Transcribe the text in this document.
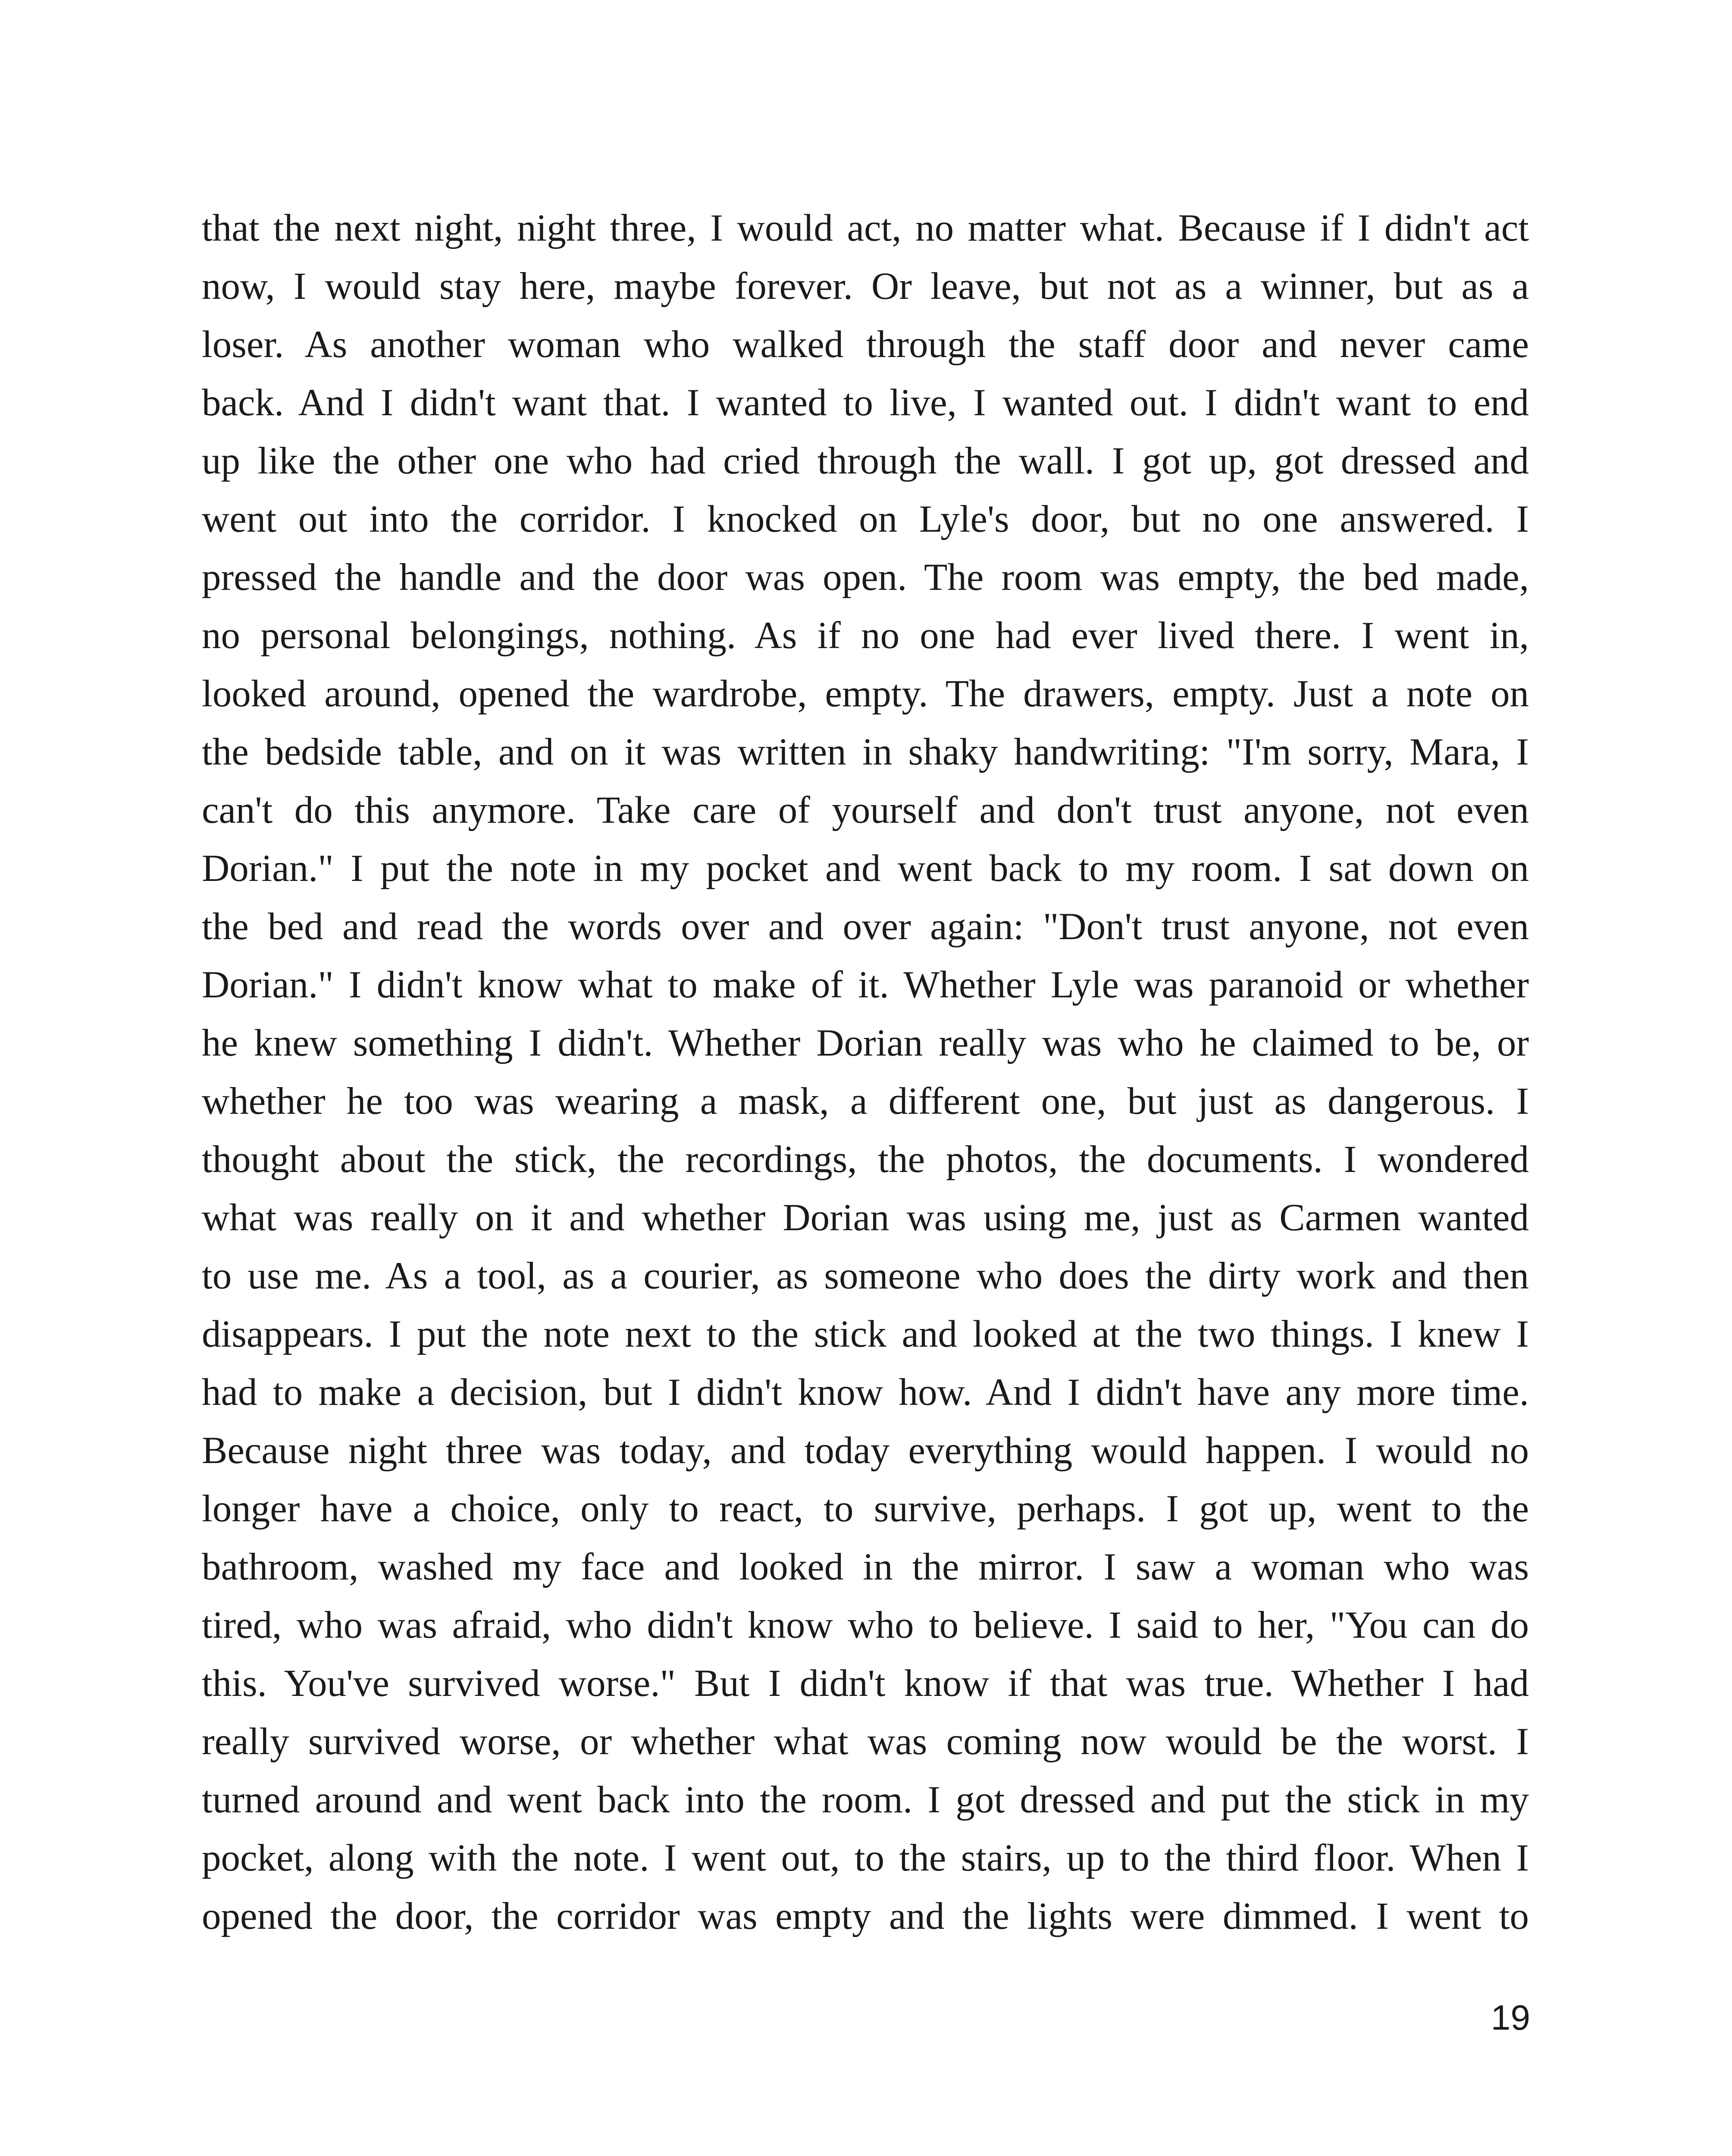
that the next night, night three, I would act, no matter what. Because if I didn't act
now, I would stay here, maybe forever. Or leave, but not as a winner, but as a
loser. As another woman who walked through the staff door and never came
back. And I didn't want that. I wanted to live, I wanted out. I didn't want to end
up like the other one who had cried through the wall. I got up, got dressed and
went out into the corridor. I knocked on Lyle's door, but no one answered. I
pressed the handle and the door was open. The room was empty, the bed made,
no personal belongings, nothing. As if no one had ever lived there. I went in,
looked around, opened the wardrobe, empty. The drawers, empty. Just a note on
the bedside table, and on it was written in shaky handwriting: "I'm sorry, Mara, I
can't do this anymore. Take care of yourself and don't trust anyone, not even
Dorian." I put the note in my pocket and went back to my room. I sat down on
the bed and read the words over and over again: "Don't trust anyone, not even
Dorian." I didn't know what to make of it. Whether Lyle was paranoid or whether
he knew something I didn't. Whether Dorian really was who he claimed to be, or
whether he too was wearing a mask, a different one, but just as dangerous. I
thought about the stick, the recordings, the photos, the documents. I wondered
what was really on it and whether Dorian was using me, just as Carmen wanted
to use me. As a tool, as a courier, as someone who does the dirty work and then
disappears. I put the note next to the stick and looked at the two things. I knew I
had to make a decision, but I didn't know how. And I didn't have any more time.
Because night three was today, and today everything would happen. I would no
longer have a choice, only to react, to survive, perhaps. I got up, went to the
bathroom, washed my face and looked in the mirror. I saw a woman who was
tired, who was afraid, who didn't know who to believe. I said to her, "You can do
this. You've survived worse." But I didn't know if that was true. Whether I had
really survived worse, or whether what was coming now would be the worst. I
turned around and went back into the room. I got dressed and put the stick in my
pocket, along with the note. I went out, to the stairs, up to the third floor. When I
opened the door, the corridor was empty and the lights were dimmed. I went to
19
